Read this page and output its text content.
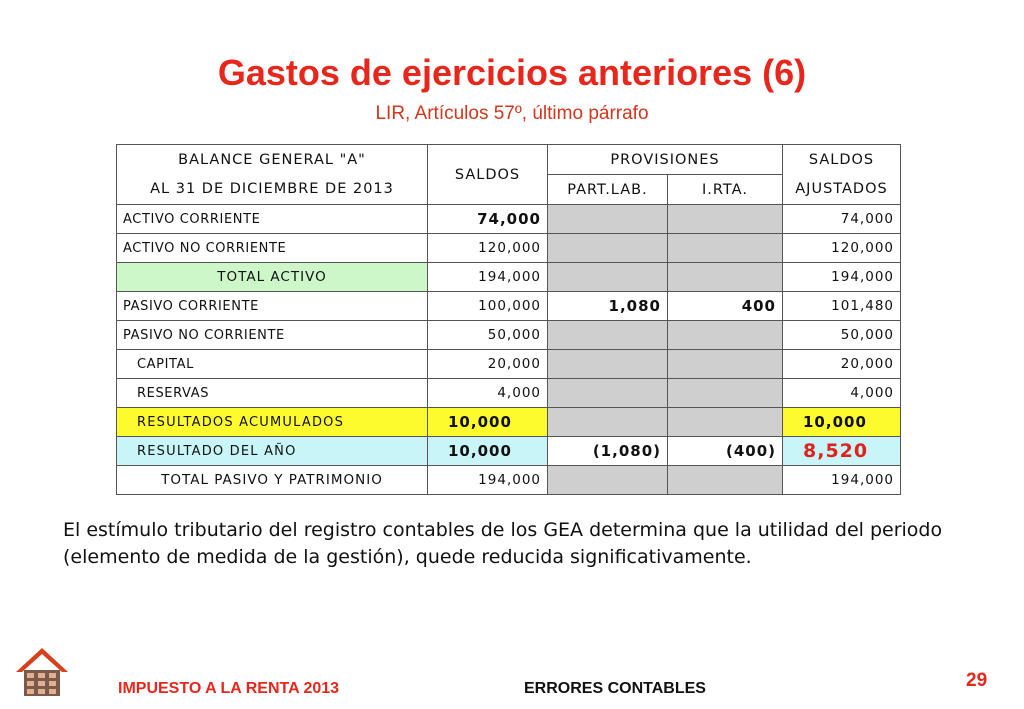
Gastos de ejercicios anteriores (6)
LIR, Artículos 57º, último párrafo
BALANCE GENERAL "A"	SALDOS	PROVISIONES		SALDOS
AL 31 DE DICIEMBRE DE 2013		PART.LAB.	I.RTA.	AJUSTADOS
ACTIVO CORRIENTE	74,000			74,000
ACTIVO NO CORRIENTE	120,000			120,000
TOTAL ACTIVO	194,000			194,000
PASIVO CORRIENTE	100,000	1,080	400	101,480
PASIVO NO CORRIENTE	50,000			50,000
CAPITAL	20,000			20,000
RESERVAS	4,000			4,000
RESULTADOS ACUMULADOS	10,000			10,000
RESULTADO DEL AÑO	10,000	(1,080)	(400)	8,520
TOTAL PASIVO Y PATRIMONIO	194,000			194,000
El estímulo tributario del registro contables de los GEA determina que la utilidad del periodo (elemento de medida de la gestión), quede reducida significativamente.
IMPUESTO A LA RENTA 2013	ERRORES CONTABLES	29
